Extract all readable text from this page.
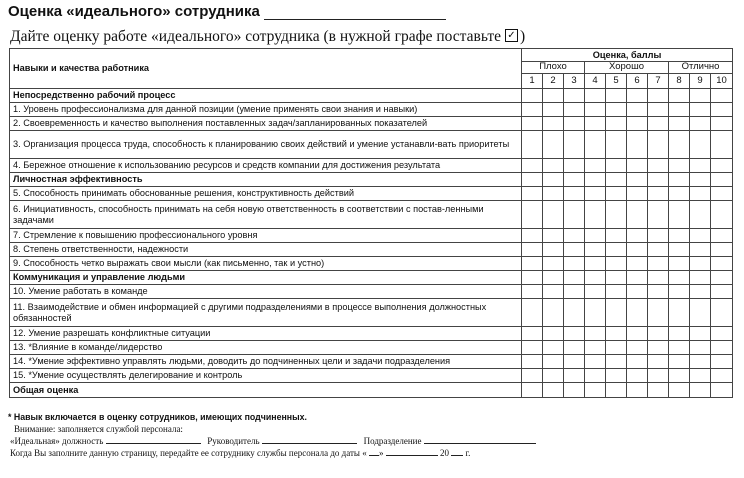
Оценка «идеального» сотрудника
Дайте оценку работе «идеального» сотрудника (в нужной графе поставьте ✓ )
Навыки и качества работника	Оценка, баллы									
	Плохо			Хорошо				Отлично		
	1	2	3	4	5	6	7	8	9	10
Непосредственно рабочий процесс										
1. Уровень профессионализма для данной позиции (умение применять свои знания и навыки)										
2. Своевременность и качество выполнения поставленных задач/запланированных показателей										
3. Организация процесса труда, способность к планированию своих действий и умение устанавли-вать приоритеты										
4. Бережное отношение к использованию ресурсов и средств компании для достижения результата										
Личностная эффективность										
5. Способность принимать обоснованные решения, конструктивность действий										
6. Инициативность, способность принимать на себя новую ответственность в соответствии с постав-ленными задачами										
7. Стремление к повышению профессионального уровня										
8. Степень ответственности, надежности										
9. Способность четко выражать свои мысли (как письменно, так и устно)										
Коммуникация и управление людьми										
10. Умение работать в команде										
11. Взаимодействие и обмен информацией с другими подразделениями в процессе выполнения должностных обязанностей										
12. Умение разрешать конфликтные ситуации										
13. *Влияние в команде/лидерство										
14. *Умение эффективно управлять людьми, доводить до подчиненных цели и задачи подразделения										
15. *Умение осуществлять делегирование и контроль										
Общая оценка										
* Навык включается в оценку сотрудников, имеющих подчиненных.
Внимание: заполняется службой персонала:
«Идеальная» должность	Руководитель	Подразделение
Когда Вы заполните данную страницу, передайте ее сотруднику службы персонала до даты « »	20 г.
